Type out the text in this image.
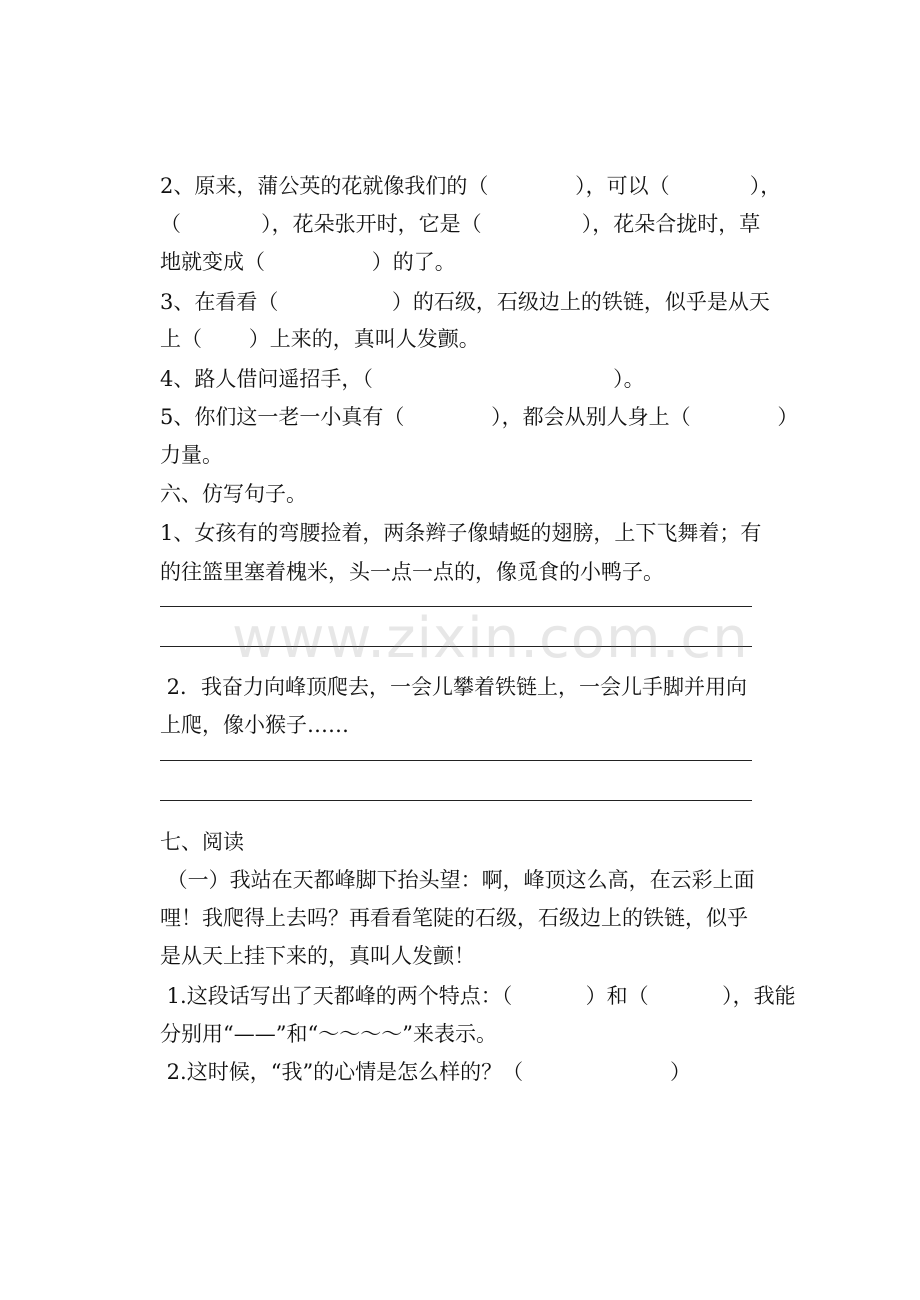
2、原来，蒲公英的花就像我们的（             ），可以（            ），
（            ），花朵张开时，它是（               ），花朵合拢时，草
地就变成（                ）的了。
3、在看看（                 ）的石级，石级边上的铁链，似乎是从天
上（       ）上来的，真叫人发颤。
4、路人借问遥招手，（                                    ）。
5、你们这一老一小真有（             ），都会从别人身上（             ）
力量。
六、仿写句子。
1、女孩有的弯腰捡着，两条辫子像蜻蜓的翅膀，上下飞舞着；有
的往篮里塞着槐米，头一点一点的，像觅食的小鸭子。
2．我奋力向峰顶爬去，一会儿攀着铁链上，一会儿手脚并用向
上爬，像小猴子……
七、阅读
（一）我站在天都峰脚下抬头望：啊，峰顶这么高，在云彩上面
哩！我爬得上去吗？再看看笔陡的石级，石级边上的铁链，似乎
是从天上挂下来的，真叫人发颤！
1.这段话写出了天都峰的两个特点：（           ）和（           ），我能
分别用“——”和“～～～～”来表示。
2.这时候，“我”的心情是怎么样的？（                      ）
www.zixin.com.cn
